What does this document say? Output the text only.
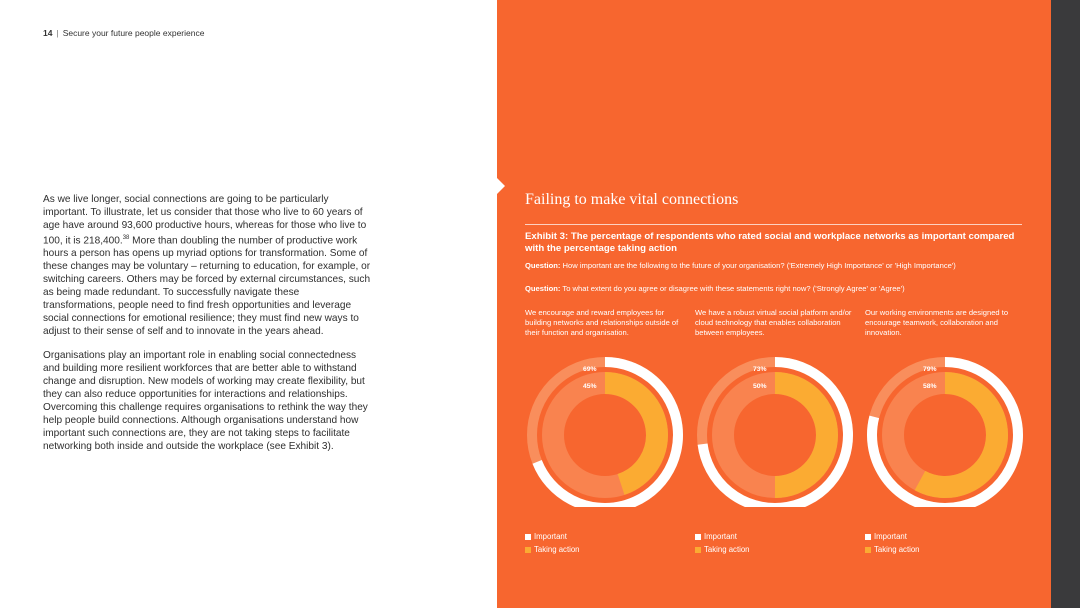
14 | Secure your future people experience

As we live longer, social connections are going to be particularly important. To illustrate, let us consider that those who live to 60 years of age have around 93,600 productive hours, whereas for those who live to 100, it is 218,400.38 More than doubling the number of productive work hours a person has opens up myriad options for transformation. Some of these changes may be voluntary – returning to education, for example, or switching careers. Others may be forced by external circumstances, such as being made redundant. To successfully navigate these transformations, people need to find fresh opportunities and leverage social connections for emotional resilience; they must find new ways to adjust to their sense of self and to innovate in the years ahead.

Organisations play an important role in enabling social connectedness and building more resilient workforces that are better able to withstand change and disruption. New models of working may create flexibility, but they can also reduce opportunities for interactions and relationships. Overcoming this challenge requires organisations to rethink the way they help people build connections. Although organisations understand how important such connections are, they are not taking steps to facilitate networking both inside and outside the workplace (see Exhibit 3).

Failing to make vital connections
Exhibit 3: The percentage of respondents who rated social and workplace networks as important compared with the percentage taking action
Question: How important are the following to the future of your organisation? ('Extremely High Importance' or 'High Importance')
Question: To what extent do you agree or disagree with these statements right now? ('Strongly Agree' or 'Agree')
We encourage and reward employees for building networks and relationships outside of their function and organisation.
We have a robust virtual social platform and/or cloud technology that enables collaboration between employees.
Our working environments are designed to encourage teamwork, collaboration and innovation.
69%
45%
73%
50%
79%
58%
Important
Taking action
Important
Taking action
Important
Taking action
